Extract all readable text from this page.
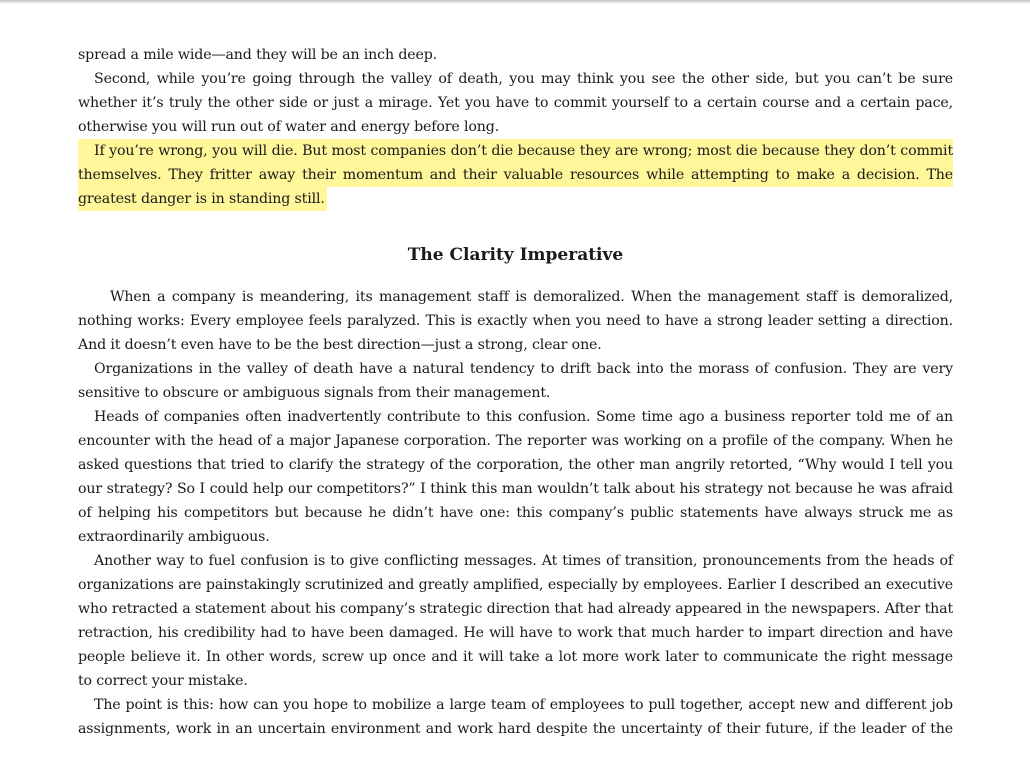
spread a mile wide—and they will be an inch deep.
Second, while you’re going through the valley of death, you may think you see the other side, but you can’t be sure
whether it’s truly the other side or just a mirage. Yet you have to commit yourself to a certain course and a certain pace,
otherwise you will run out of water and energy before long.
If you’re wrong, you will die. But most companies don’t die because they are wrong; most die because they don’t commit
themselves. They fritter away their momentum and their valuable resources while attempting to make a decision. The
greatest danger is in standing still.
The Clarity Imperative
When a company is meandering, its management staff is demoralized. When the management staff is demoralized,
nothing works: Every employee feels paralyzed. This is exactly when you need to have a strong leader setting a direction.
And it doesn’t even have to be the best direction—just a strong, clear one.
Organizations in the valley of death have a natural tendency to drift back into the morass of confusion. They are very
sensitive to obscure or ambiguous signals from their management.
Heads of companies often inadvertently contribute to this confusion. Some time ago a business reporter told me of an
encounter with the head of a major Japanese corporation. The reporter was working on a profile of the company. When he
asked questions that tried to clarify the strategy of the corporation, the other man angrily retorted, “Why would I tell you
our strategy? So I could help our competitors?” I think this man wouldn’t talk about his strategy not because he was afraid
of helping his competitors but because he didn’t have one: this company’s public statements have always struck me as
extraordinarily ambiguous.
Another way to fuel confusion is to give conflicting messages. At times of transition, pronouncements from the heads of
organizations are painstakingly scrutinized and greatly amplified, especially by employees. Earlier I described an executive
who retracted a statement about his company’s strategic direction that had already appeared in the newspapers. After that
retraction, his credibility had to have been damaged. He will have to work that much harder to impart direction and have
people believe it. In other words, screw up once and it will take a lot more work later to communicate the right message
to correct your mistake.
The point is this: how can you hope to mobilize a large team of employees to pull together, accept new and different job
assignments, work in an uncertain environment and work hard despite the uncertainty of their future, if the leader of the
